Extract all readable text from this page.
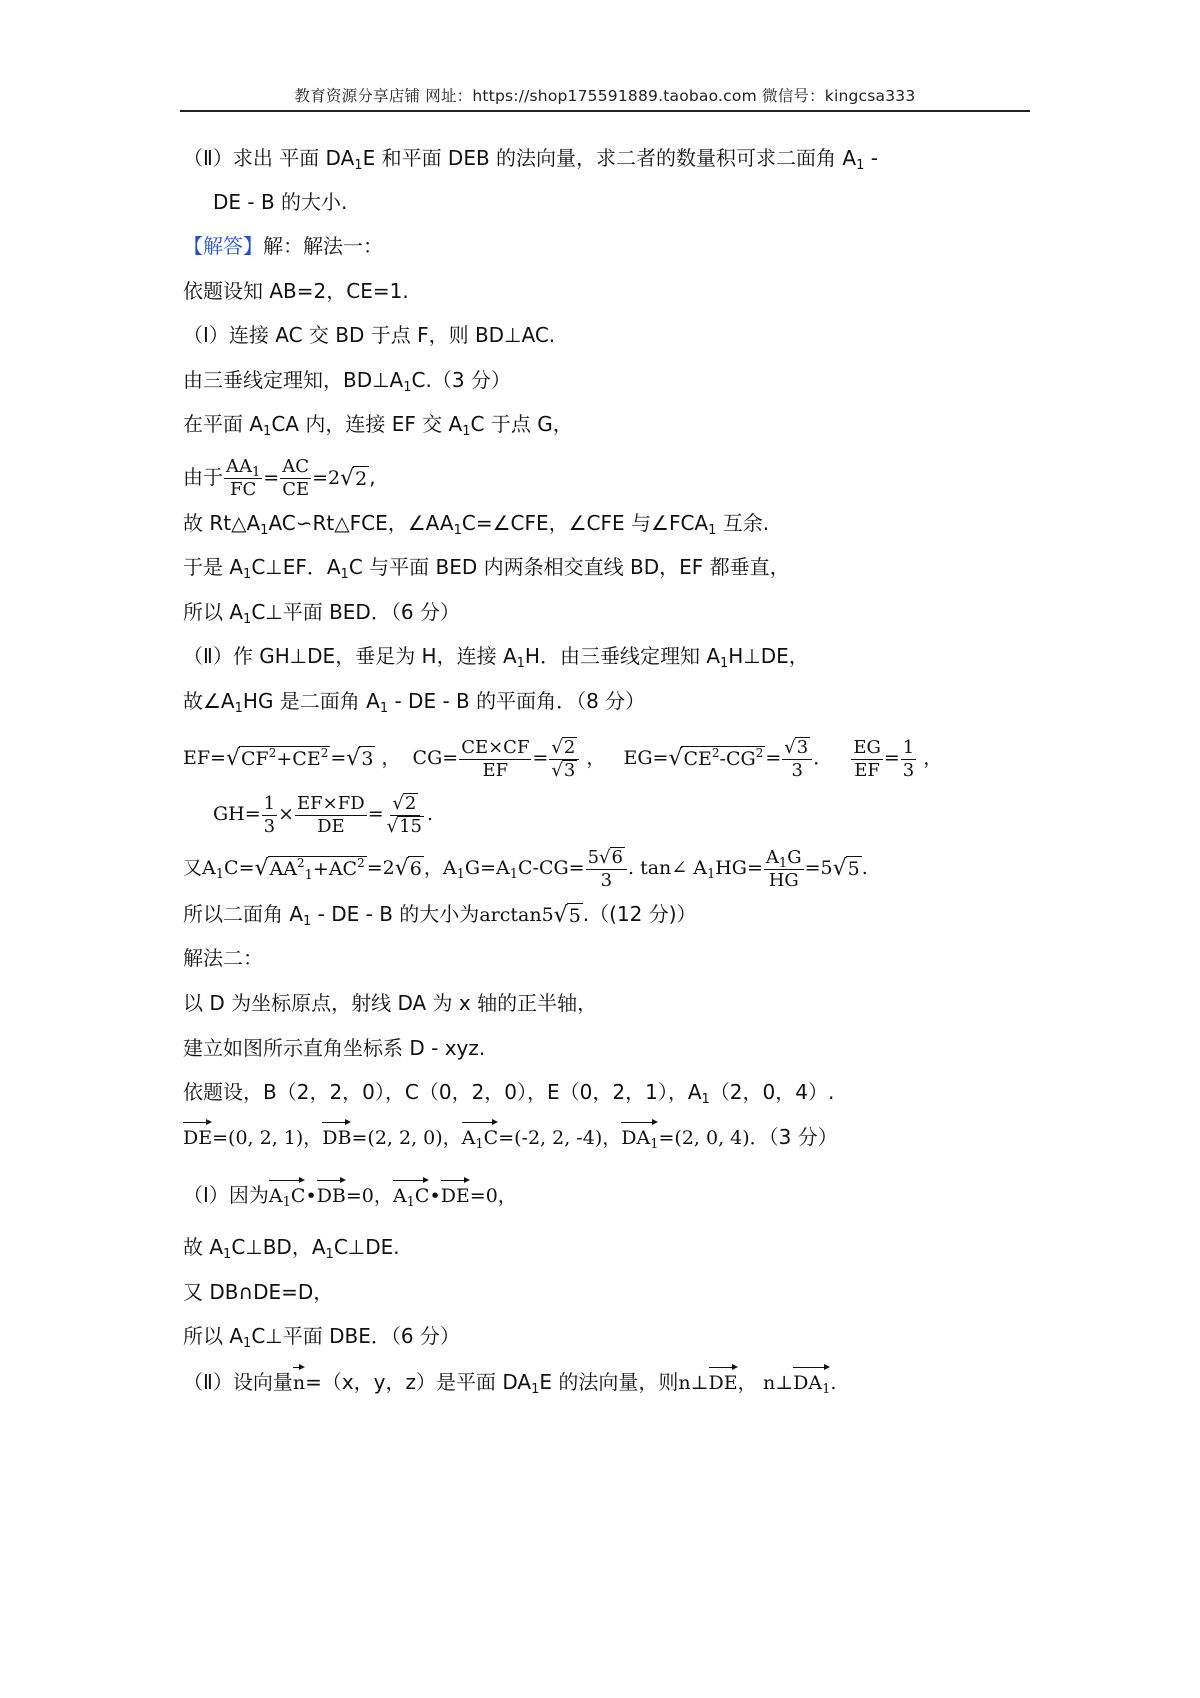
教育资源分享店铺 网址：https://shop175591889.taobao.com 微信号：kingcsa333
（Ⅱ）求出 平面 $DA_1E$ 和平面 DEB 的法向量，求二者的数量积可求二面角 $A_1$ -
DE - B 的大小.
【解答】解：解法一：
依题设知 AB=2，CE=1.
（Ⅰ）连接 AC 交 BD 于点 F，则 BD⊥AC.
由三垂线定理知，$BD\perp A_1C.(3$ 分）
在平面 $A_1CA$ 内，连接 EF 交 $A_1C$ 于点 G，
由于 $\frac{AA_1}{FC} = \frac{AC}{CE} =2$ √ 2 ,
故 $Rt\triangle A_1AC∽Rt\triangle FCE$，$\angle AA_1C=\angle CFE$，∠CFE 与$\angle FCA_1$ 互余.
于是 $A_1C\perp EF$．$A_1C$ 与平面 BED 内两条相交直线 BD，EF 都垂直，
所以 $A_1C\perp$平面 BED．（6 分）
（Ⅱ）作 GH⊥DE，垂足为 H，连接 $A_1H$．由三垂线定理知 $A_1H\perp DE$，
故$\angle A_1HG$ 是二面角 $A_1$ - DE - B 的平面角．（8 分）
EF= √ $CF^2+CE^2$ = √ 3 ， $CG= \frac{CE\times CF}{EF} = \frac{√ 2}{√ 3}$ ， EG= √ $CE^2-CG^2 = \frac{√ 3}{3}$ ． $\frac{EG}{EF} = \frac{1}{3}$ ，
$GH= \frac{1}{3} \times \frac{EF\times FD}{DE} = \frac{√ 2}{√ 15}$ .
又$A_1C=$ √ $AA^2_1+AC^2 =2$ √ 6 ，$A_1G=A_1C-CG= \frac{5 √ 6}{3}$ . tan∠ $A_1HG= \frac{A_1G}{HG} =5$ √ 5 .
所以二面角 $A_1$ - DE - B 的大小为arctan5 √ 5 .（(12 分)）
解法二：
以 D 为坐标原点，射线 DA 为 x 轴的正半轴，
建立如图所示直角坐标系 D - xyz.
依题设，B（2，2，0），C（0，2，0），E（0，2，1），$A_1(2$，0，4）.
DE=(0, 2, 1)，DB=(2, 2, 0)，$A_1C=(-2$, 2, -4)，$DA_1=(2$, 0, 4)．（3 分）
（Ⅰ）因为$A_1C•DB=0$，$A_1C•DE=0$，
故 $A_1C\perp BD$，$A_1C\perp DE$.
又 DB∩DE=D，
所以 $A_1C\perp$平面 DBE．（6 分）
（Ⅱ）设向量n=（x，y，z）是平面 $DA_1E$ 的法向量，则n⊥DE， $n\perp DA_1$.
